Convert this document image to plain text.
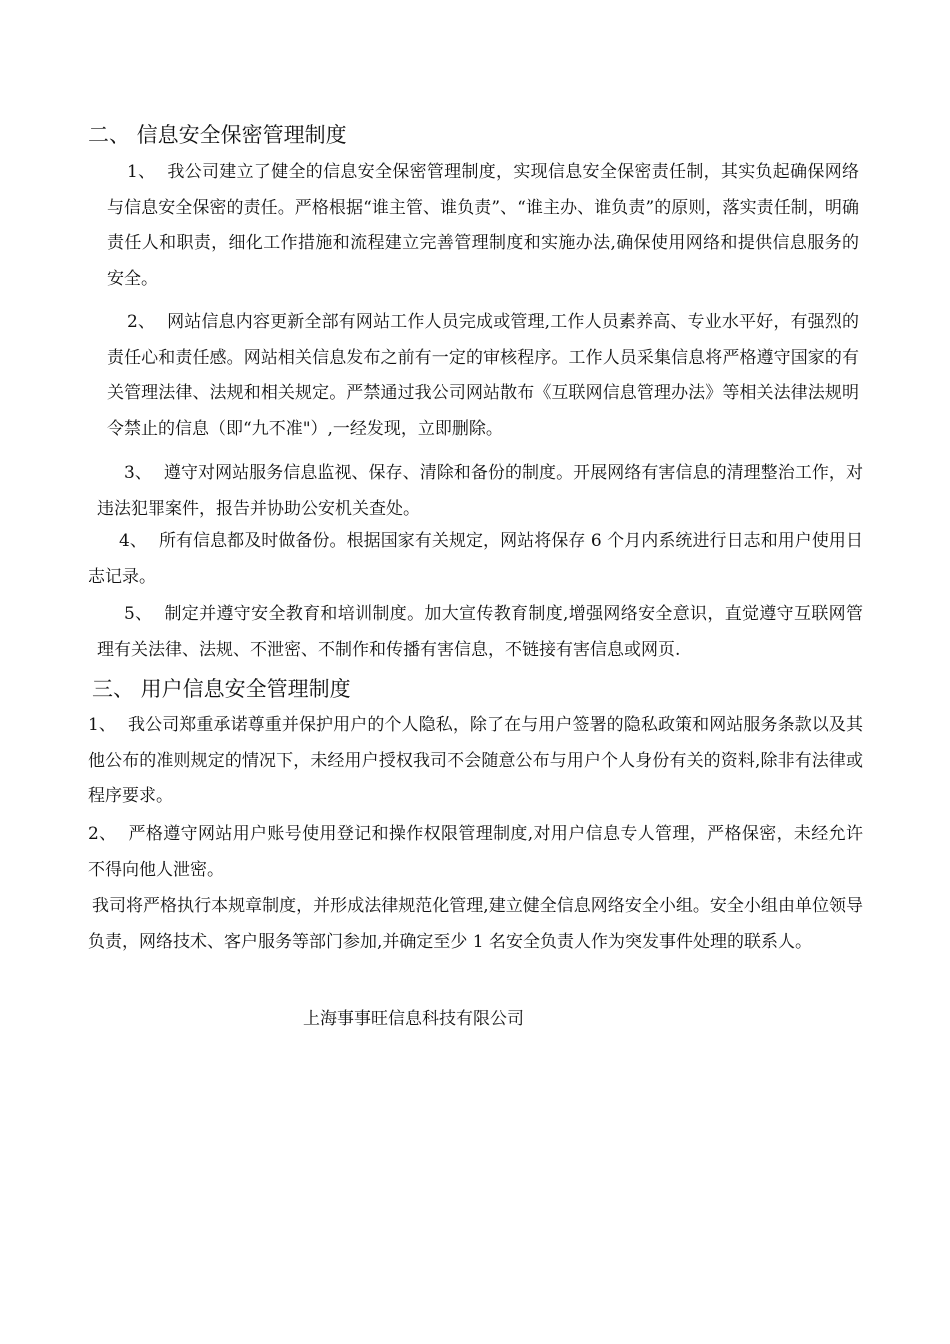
二、 信息安全保密管理制度
1、 我公司建立了健全的信息安全保密管理制度，实现信息安全保密责任制，其实负起确保网络与信息安全保密的责任。严格根据“谁主管、谁负责”、“谁主办、谁负责”的原则，落实责任制，明确责任人和职责，细化工作措施和流程建立完善管理制度和实施办法,确保使用网络和提供信息服务的安全。
2、 网站信息内容更新全部有网站工作人员完成或管理,工作人员素养高、专业水平好，有强烈的责任心和责任感。网站相关信息发布之前有一定的审核程序。工作人员采集信息将严格遵守国家的有关管理法律、法规和相关规定。严禁通过我公司网站散布《互联网信息管理办法》等相关法律法规明令禁止的信息（即“九不准"）,一经发现，立即删除。
3、 遵守对网站服务信息监视、保存、清除和备份的制度。开展网络有害信息的清理整治工作，对违法犯罪案件，报告并协助公安机关查处。
4、 所有信息都及时做备份。根据国家有关规定，网站将保存 6 个月内系统进行日志和用户使用日志记录。
5、 制定并遵守安全教育和培训制度。加大宣传教育制度,增强网络安全意识，直觉遵守互联网管理有关法律、法规、不泄密、不制作和传播有害信息，不链接有害信息或网页.
三、 用户信息安全管理制度
1、 我公司郑重承诺尊重并保护用户的个人隐私，除了在与用户签署的隐私政策和网站服务条款以及其他公布的准则规定的情况下，未经用户授权我司不会随意公布与用户个人身份有关的资料,除非有法律或程序要求。
2、 严格遵守网站用户账号使用登记和操作权限管理制度,对用户信息专人管理，严格保密，未经允许不得向他人泄密。
我司将严格执行本规章制度，并形成法律规范化管理,建立健全信息网络安全小组。安全小组由单位领导负责，网络技术、客户服务等部门参加,并确定至少 1 名安全负责人作为突发事件处理的联系人。
上海事事旺信息科技有限公司
